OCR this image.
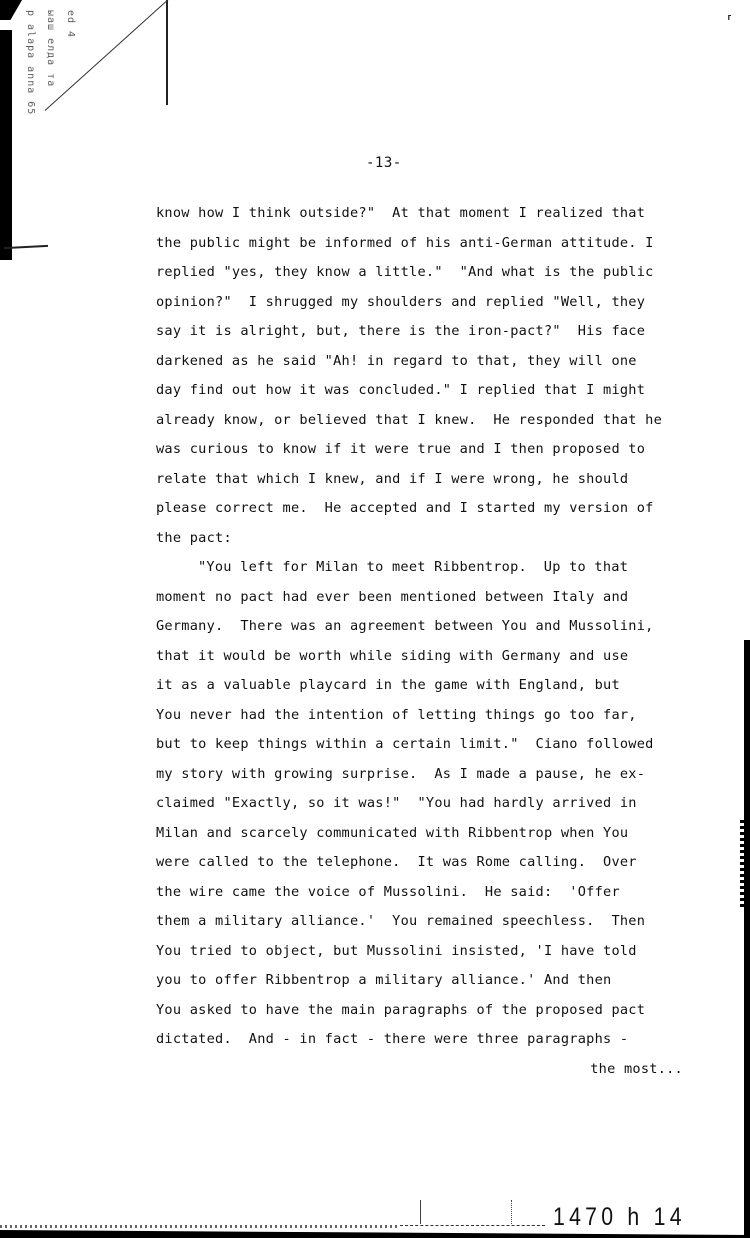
ed 4
ыаш елда та
p alapa anna 65	⸢
-13-
know how I think outside?"  At that moment I realized that
the public might be informed of his anti-German attitude. I
replied "yes, they know a little."  "And what is the public
opinion?"  I shrugged my shoulders and replied "Well, they
say it is alright, but, there is the iron-pact?"  His face
darkened as he said "Ah! in regard to that, they will one
day find out how it was concluded." I replied that I might
already know, or believed that I knew.  He responded that he
was curious to know if it were true and I then proposed to
relate that which I knew, and if I were wrong, he should
please correct me.  He accepted and I started my version of
the pact:
"You left for Milan to meet Ribbentrop.  Up to that
moment no pact had ever been mentioned between Italy and
Germany.  There was an agreement between You and Mussolini,
that it would be worth while siding with Germany and use
it as a valuable playcard in the game with England, but
You never had the intention of letting things go too far,
but to keep things within a certain limit."  Ciano followed
my story with growing surprise.  As I made a pause, he ex-
claimed "Exactly, so it was!"  "You had hardly arrived in
Milan and scarcely communicated with Ribbentrop when You
were called to the telephone.  It was Rome calling.  Over
the wire came the voice of Mussolini.  He said:  'Offer
them a military alliance.'  You remained speechless.  Then
You tried to object, but Mussolini insisted, 'I have told
you to offer Ribbentrop a military alliance.' And then
You asked to have the main paragraphs of the proposed pact
dictated.  And - in fact - there were three paragraphs -
the most...
1470 h 14
